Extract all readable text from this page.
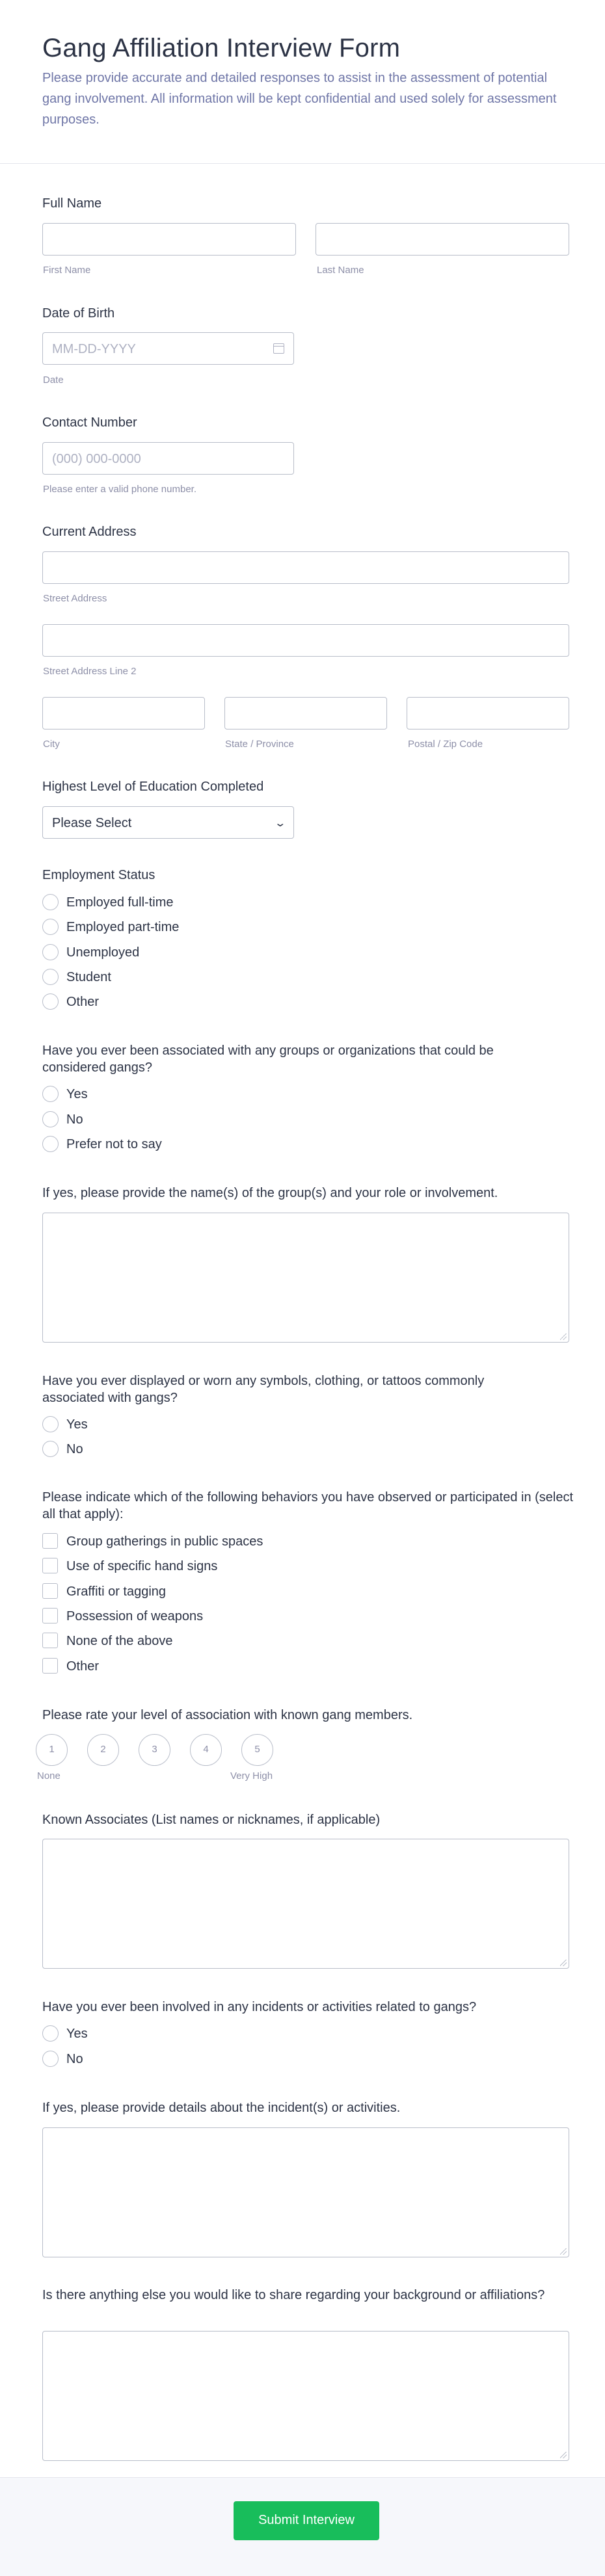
Gang Affiliation Interview Form
Please provide accurate and detailed responses to assist in the assessment of potential gang involvement. All information will be kept confidential and used solely for assessment purposes.
Full Name
First Name	Last Name
Date of Birth
MM-DD-YYYY
Date
Contact Number
(000) 000-0000
Please enter a valid phone number.
Current Address
Street Address
Street Address Line 2
City	State / Province	Postal / Zip Code
Highest Level of Education Completed
Please Select	⌄
Employment Status
Employed full-time
Employed part-time
Unemployed
Student
Other
Have you ever been associated with any groups or organizations that could be considered gangs?
Yes
No
Prefer not to say
If yes, please provide the name(s) of the group(s) and your role or involvement.
Have you ever displayed or worn any symbols, clothing, or tattoos commonly associated with gangs?
Yes
No
Please indicate which of the following behaviors you have observed or participated in (select all that apply):
Group gatherings in public spaces
Use of specific hand signs
Graffiti or tagging
Possession of weapons
None of the above
Other
Please rate your level of association with known gang members.
1	2	3	4	5
None	Very High
Known Associates (List names or nicknames, if applicable)
Have you ever been involved in any incidents or activities related to gangs?
Yes
No
If yes, please provide details about the incident(s) or activities.
Is there anything else you would like to share regarding your background or affiliations?
Submit Interview
